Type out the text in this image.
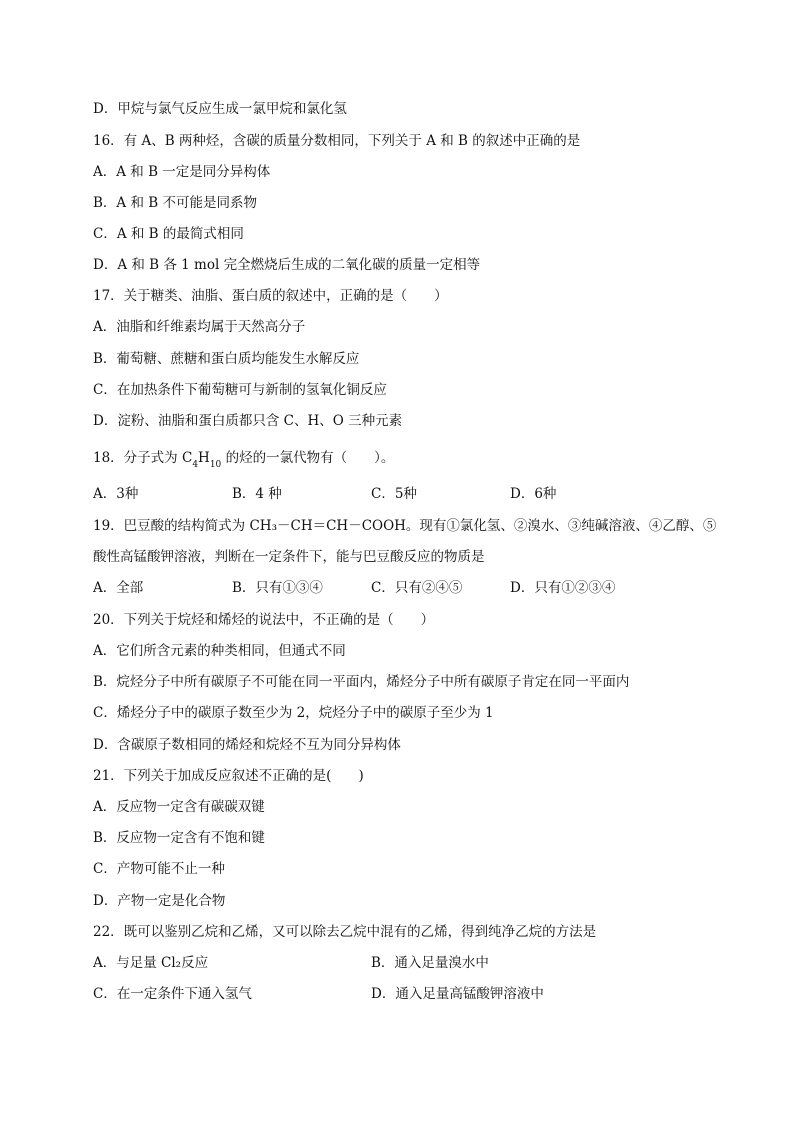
D．甲烷与氯气反应生成一氯甲烷和氯化氢
16．有 A、B 两种烃，含碳的质量分数相同，下列关于 A 和 B 的叙述中正确的是
A．A 和 B 一定是同分异构体
B．A 和 B 不可能是同系物
C．A 和 B 的最简式相同
D．A 和 B 各 1 mol 完全燃烧后生成的二氧化碳的质量一定相等
17．关于糖类、油脂、蛋白质的叙述中，正确的是（　　）
A．油脂和纤维素均属于天然高分子
B．葡萄糖、蔗糖和蛋白质均能发生水解反应
C．在加热条件下葡萄糖可与新制的氢氧化铜反应
D．淀粉、油脂和蛋白质都只含 C、H、O 三种元素
18．分子式为 $C_4H_{10}$ 的烃的一氯代物有（　　）。
A．3种	B．4 种	C．5种	D．6种
19．巴豆酸的结构简式为 CH₃－CH＝CH－COOH。现有①氯化氢、②溴水、③纯碱溶液、④乙醇、⑤
酸性高锰酸钾溶液，判断在一定条件下，能与巴豆酸反应的物质是
A．全部	B．只有①③④	C．只有②④⑤	D．只有①②③④
20．下列关于烷烃和烯烃的说法中，不正确的是（　　）
A．它们所含元素的种类相同，但通式不同
B．烷烃分子中所有碳原子不可能在同一平面内，烯烃分子中所有碳原子肯定在同一平面内
C．烯烃分子中的碳原子数至少为 2，烷烃分子中的碳原子至少为 1
D．含碳原子数相同的烯烃和烷烃不互为同分异构体
21．下列关于加成反应叙述不正确的是(　　)
A．反应物一定含有碳碳双键
B．反应物一定含有不饱和键
C．产物可能不止一种
D．产物一定是化合物
22．既可以鉴别乙烷和乙烯，又可以除去乙烷中混有的乙烯，得到纯净乙烷的方法是
A．与足量 Cl₂反应	B．通入足量溴水中
C．在一定条件下通入氢气	D．通入足量高锰酸钾溶液中
